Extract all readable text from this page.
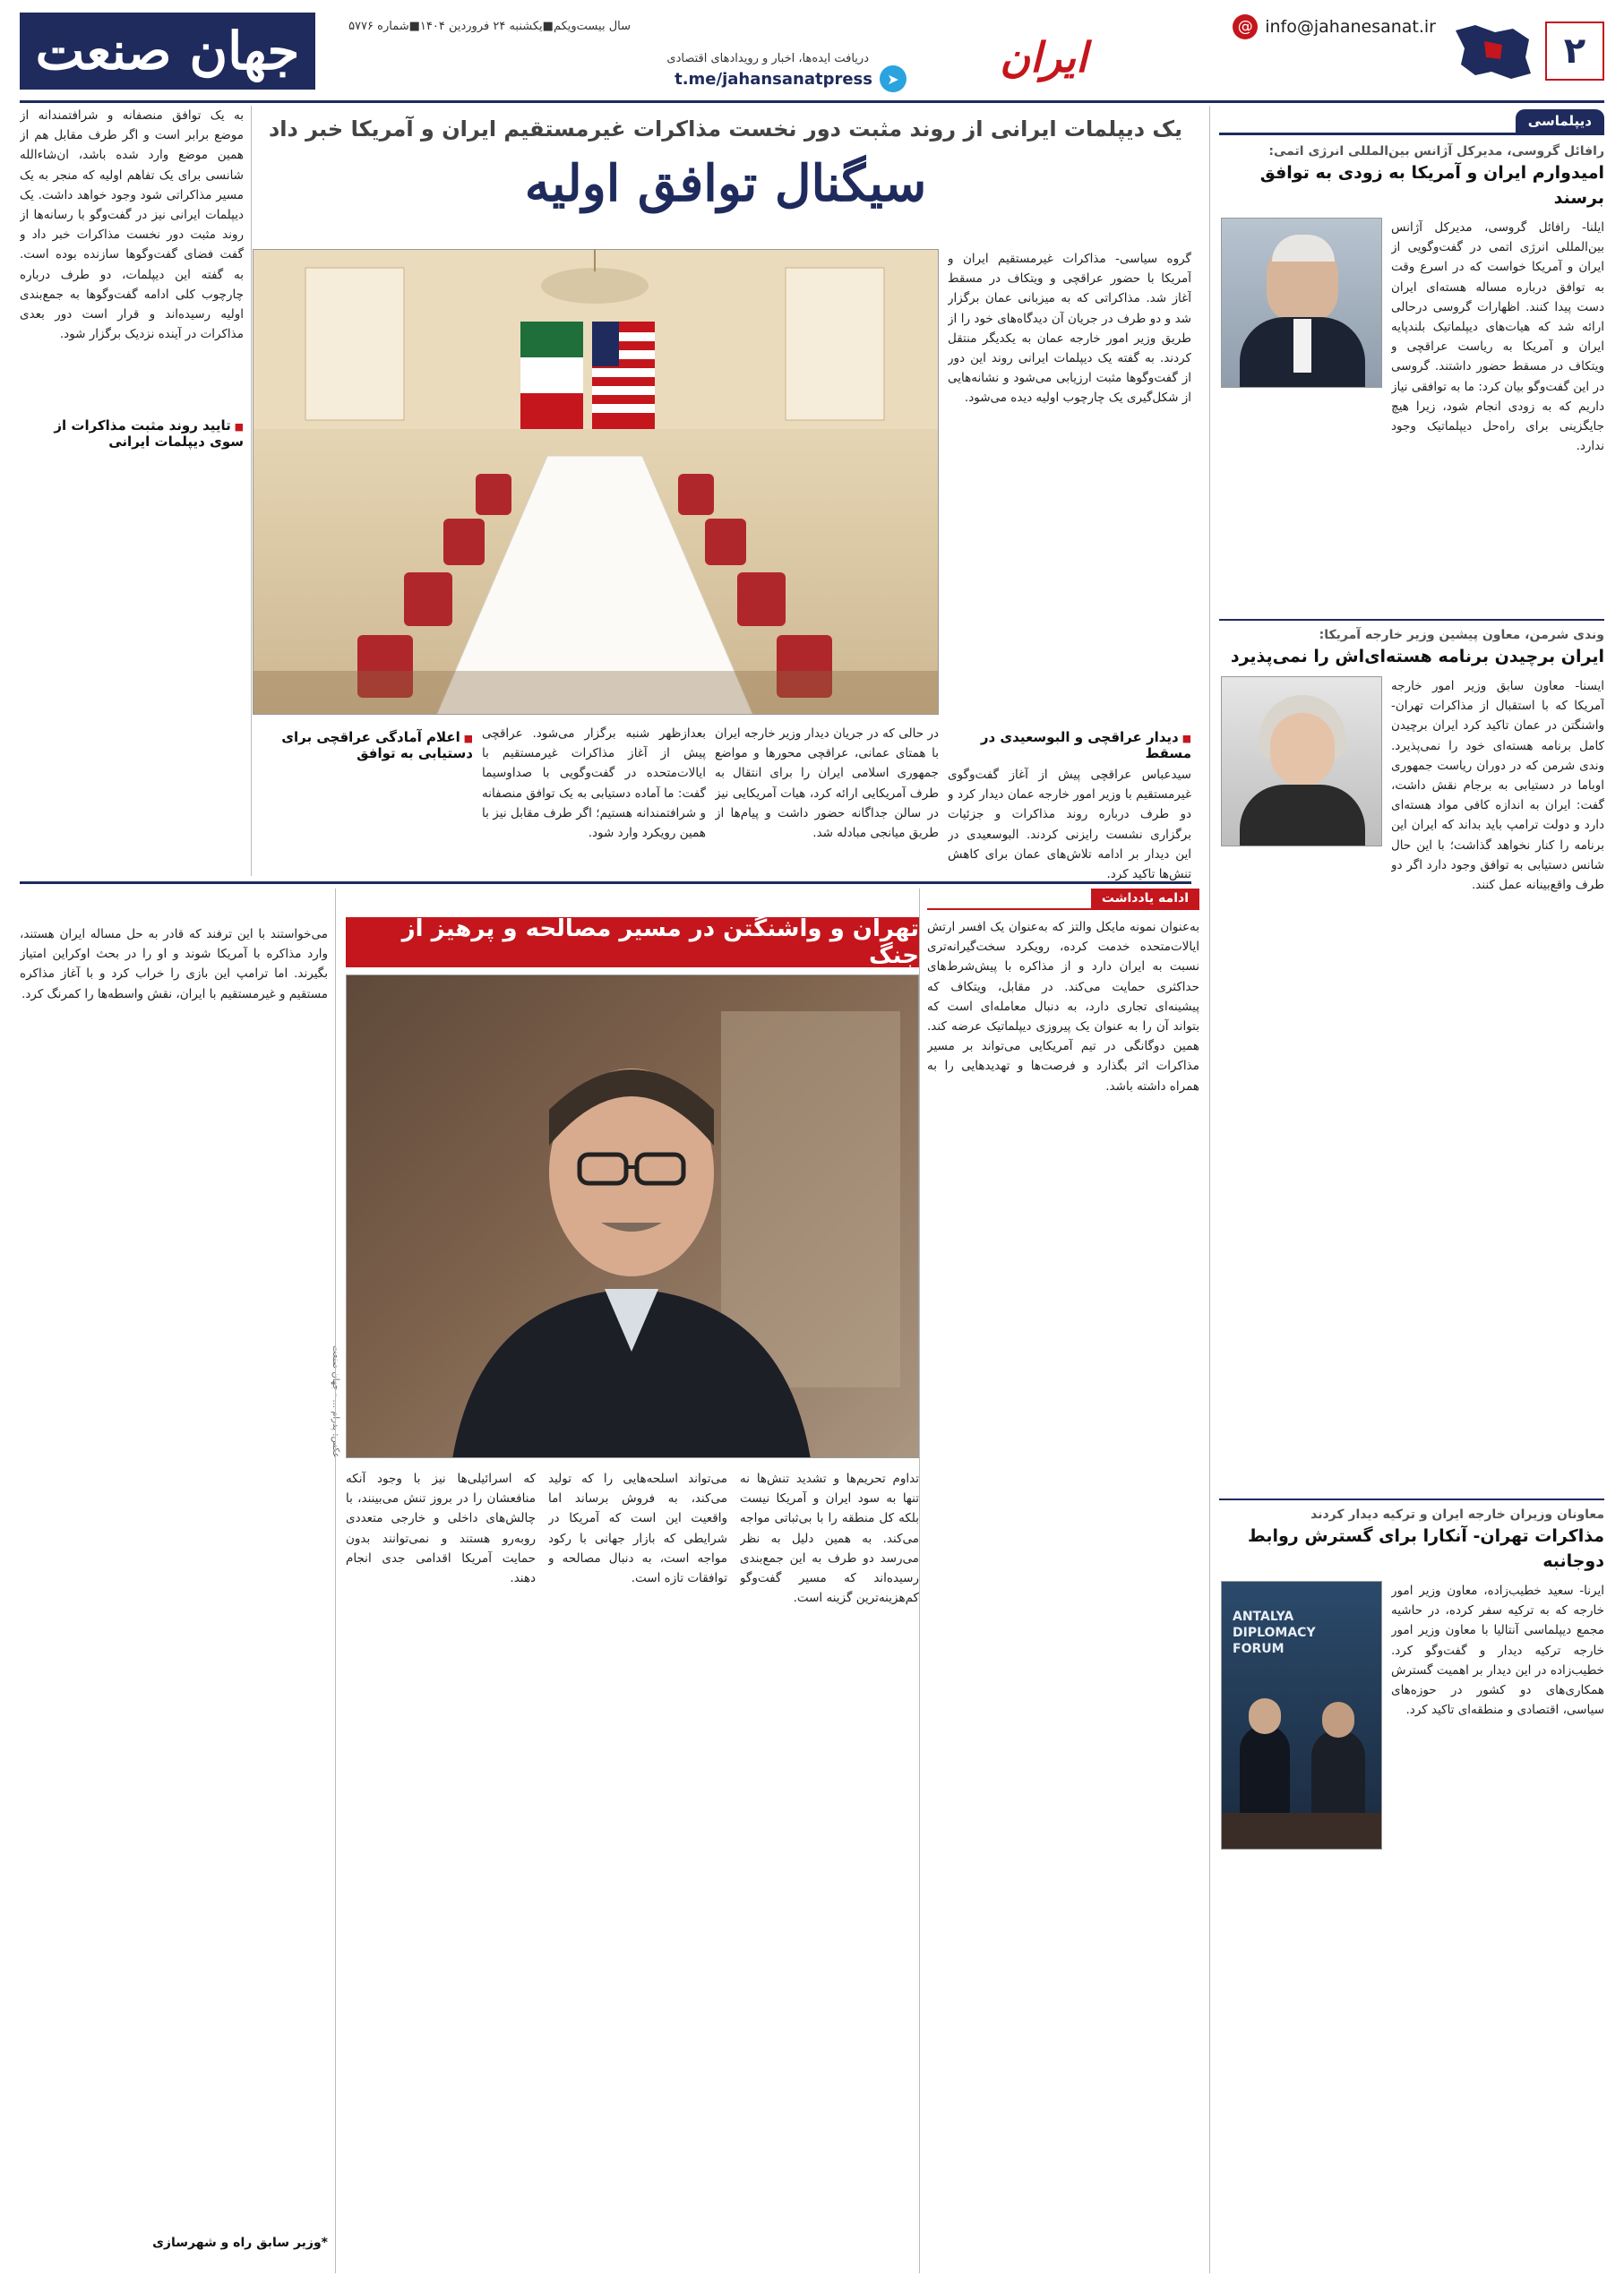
۲
info@jahanesanat.ir
@
ایران
دریافت ایده‌ها، اخبار و رویدادهای اقتصادی
➤
t.me/jahansanatpress
سال بیست‌ویکم■یکشنبه ۲۴ فروردین ۱۴۰۴■شماره ۵۷۷۶
جهان صنعت
دیپلماسی
رافائل گروسی، مدیرکل آژانس بین‌المللی انرژی اتمی:
امیدوارم ایران و آمریکا به زودی به توافق برسند
ایلنا- رافائل گروسی، مدیرکل آژانس بین‌المللی انرژی اتمی در گفت‌وگویی از ایران و آمریکا خواست که در اسرع وقت به توافق درباره مساله هسته‌ای ایران دست پیدا کنند. اظهارات گروسی درحالی ارائه شد که هیات‌های دیپلماتیک بلندپایه ایران و آمریکا به ریاست عراقچی و ویتکاف در مسقط حضور داشتند. گروسی در این گفت‌وگو بیان کرد: ما به توافقی نیاز داریم که به زودی انجام شود، زیرا هیچ جایگزینی برای راه‌حل دیپلماتیک وجود ندارد.
وندی شرمن، معاون پیشین وزیر خارجه آمریکا:
ایران برچیدن برنامه هسته‌ای‌اش را نمی‌پذیرد
ایسنا- معاون سابق وزیر امور خارجه آمریکا که با استقبال از مذاکرات تهران- واشنگتن در عمان تاکید کرد ایران برچیدن کامل برنامه هسته‌ای خود را نمی‌پذیرد. وندی شرمن که در دوران ریاست جمهوری اوباما در دستیابی به برجام نقش داشت، گفت: ایران به اندازه کافی مواد هسته‌ای دارد و دولت ترامپ باید بداند که ایران این برنامه را کنار نخواهد گذاشت؛ با این حال شانس دستیابی به توافق وجود دارد اگر دو طرف واقع‌بینانه عمل کنند.
معاونان وزیران خارجه ایران و ترکیه دیدار کردند
مذاکرات تهران- آنکارا برای گسترش روابط دوجانبه
ایرنا- سعید خطیب‌زاده، معاون وزیر امور خارجه که به ترکیه سفر کرده، در حاشیه مجمع دیپلماسی آنتالیا با معاون وزیر امور خارجه ترکیه دیدار و گفت‌وگو کرد. خطیب‌زاده در این دیدار بر اهمیت گسترش همکاری‌های دو کشور در حوزه‌های سیاسی، اقتصادی و منطقه‌ای تاکید کرد.
ANTALYA
DIPLOMACY
FORUM
یک دیپلمات ایرانی از روند مثبت دور نخست مذاکرات غیرمستقیم ایران و آمریکا خبر داد
سیگنال توافق اولیه
گروه سیاسی- مذاکرات غیرمستقیم ایران و آمریکا با حضور عراقچی و ویتکاف در مسقط آغاز شد. مذاکراتی که به میزبانی عمان برگزار شد و دو طرف در جریان آن دیدگاه‌های خود را از طریق وزیر امور خارجه عمان به یکدیگر منتقل کردند. به گفته یک دیپلمات ایرانی روند این دور از گفت‌وگوها مثبت ارزیابی می‌شود و نشانه‌هایی از شکل‌گیری یک چارچوب اولیه دیده می‌شود.
■ دیدار عراقچی و البوسعیدی در مسقط
سیدعباس عراقچی پیش از آغاز گفت‌وگوی غیرمستقیم با وزیر امور خارجه عمان دیدار کرد و دو طرف درباره روند مذاکرات و جزئیات برگزاری نشست رایزنی کردند. البوسعیدی در این دیدار بر ادامه تلاش‌های عمان برای کاهش تنش‌ها تاکید کرد.
در حالی که در جریان دیدار وزیر خارجه ایران با همتای عمانی، عراقچی محورها و مواضع جمهوری اسلامی ایران را برای انتقال به طرف آمریکایی ارائه کرد، هیات آمریکایی نیز در سالن جداگانه حضور داشت و پیام‌ها از طریق میانجی مبادله شد.
بعدازظهر شنبه برگزار می‌شود. عراقچی پیش از آغاز مذاکرات غیرمستقیم با ایالات‌متحده در گفت‌وگویی با صداوسیما گفت: ما آماده دستیابی به یک توافق منصفانه و شرافتمندانه هستیم؛ اگر طرف مقابل نیز با همین رویکرد وارد شود.
■ اعلام آمادگی عراقچی برای دستیابی به توافق
به یک توافق منصفانه و شرافتمندانه از موضع برابر است و اگر طرف مقابل هم از همین موضع وارد شده باشد، ان‌شاءالله شانسی برای یک تفاهم اولیه که منجر به یک مسیر مذاکراتی شود وجود خواهد داشت. یک دیپلمات ایرانی نیز در گفت‌وگو با رسانه‌ها از روند مثبت دور نخست مذاکرات خبر داد و گفت فضای گفت‌وگوها سازنده بوده است. به گفته این دیپلمات، دو طرف درباره چارچوب کلی ادامه گفت‌وگوها به جمع‌بندی اولیه رسیده‌اند و قرار است دور بعدی مذاکرات در آینده نزدیک برگزار شود.
■ تایید روند مثبت مذاکرات از سوی دیپلمات ایرانی
ادامه یادداشت
به‌عنوان نمونه مایکل والتز که به‌عنوان یک افسر ارتش ایالات‌متحده خدمت کرده، رویکرد سخت‌گیرانه‌تری نسبت به ایران دارد و از مذاکره با پیش‌شرط‌های حداکثری حمایت می‌کند. در مقابل، ویتکاف که پیشینه‌ای تجاری دارد، به دنبال معامله‌ای است که بتواند آن را به عنوان یک پیروزی دیپلماتیک عرضه کند. همین دوگانگی در تیم آمریکایی می‌تواند بر مسیر مذاکرات اثر بگذارد و فرصت‌ها و تهدیدهایی را به همراه داشته باشد.
تهران و واشنگتن در مسیر مصالحه و پرهیز از جنگ
تداوم تحریم‌ها و تشدید تنش‌ها نه تنها به سود ایران و آمریکا نیست بلکه کل منطقه را با بی‌ثباتی مواجه می‌کند. به همین دلیل به نظر می‌رسد دو طرف به این جمع‌بندی رسیده‌اند که مسیر گفت‌وگو کم‌هزینه‌ترین گزینه است.
می‌تواند اسلحه‌هایی را که تولید می‌کند، به فروش برساند اما واقعیت این است که آمریکا در شرایطی که بازار جهانی با رکود مواجه است، به دنبال مصالحه و توافقات تازه است.
که اسرائیلی‌ها نیز با وجود آنکه منافعشان را در بروز تنش می‌بینند، با چالش‌های داخلی و خارجی متعددی روبه‌رو هستند و نمی‌توانند بدون حمایت آمریکا اقدامی جدی انجام دهند.
می‌خواستند با این ترفند که قادر به حل مساله ایران هستند، وارد مذاکره با آمریکا شوند و او را در بحث اوکراین امتیاز بگیرند. اما ترامپ این بازی را خراب کرد و با آغاز مذاکره مستقیم و غیرمستقیم با ایران، نقش واسطه‌ها را کمرنگ کرد.
*وزیر سابق راه و شهرسازی
